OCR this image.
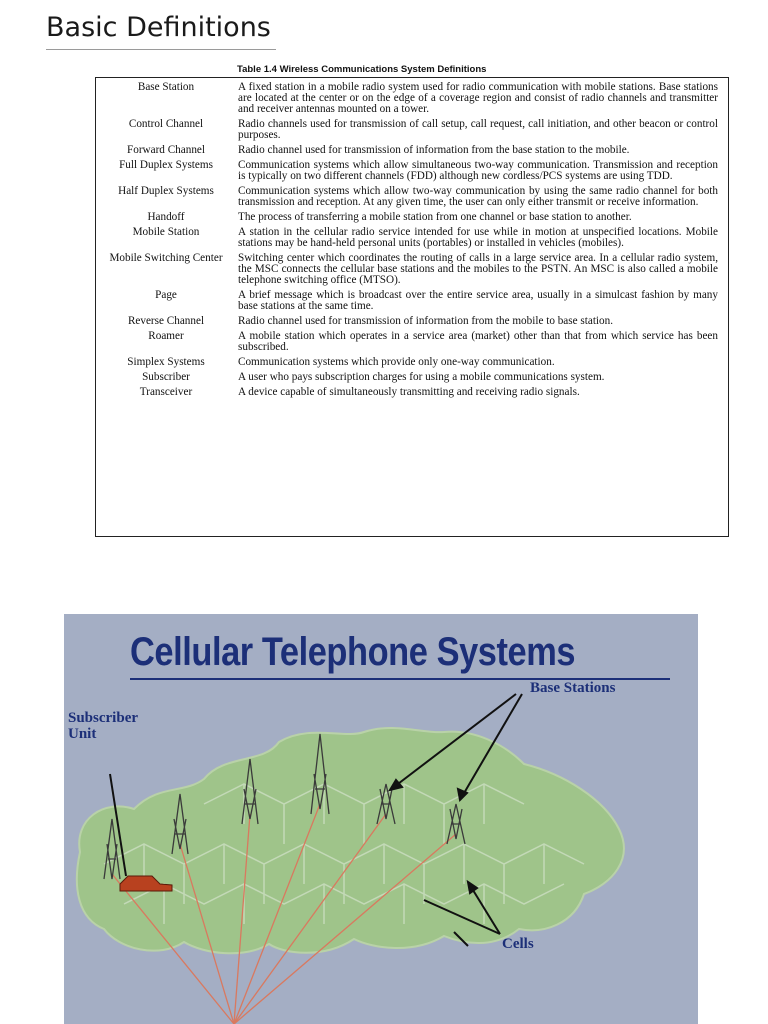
Basic Definitions
Table 1.4 Wireless Communications System Definitions
Base Station	A fixed station in a mobile radio system used for radio communication with mobile stations. Base stations are located at the center or on the edge of a coverage region and consist of radio channels and transmitter and receiver antennas mounted on a tower.
Control Channel	Radio channels used for transmission of call setup, call request, call initiation, and other beacon or control purposes.
Forward Channel	Radio channel used for transmission of information from the base station to the mobile.
Full Duplex Systems	Communication systems which allow simultaneous two-way communication. Transmission and reception is typically on two different channels (FDD) although new cordless/PCS systems are using TDD.
Half Duplex Systems	Communication systems which allow two-way communication by using the same radio channel for both transmission and reception. At any given time, the user can only either transmit or receive information.
Handoff	The process of transferring a mobile station from one channel or base station to another.
Mobile Station	A station in the cellular radio service intended for use while in motion at unspecified locations. Mobile stations may be hand-held personal units (portables) or installed in vehicles (mobiles).
Mobile Switching Center	Switching center which coordinates the routing of calls in a large service area. In a cellular radio system, the MSC connects the cellular base stations and the mobiles to the PSTN. An MSC is also called a mobile telephone switching office (MTSO).
Page	A brief message which is broadcast over the entire service area, usually in a simulcast fashion by many base stations at the same time.
Reverse Channel	Radio channel used for transmission of information from the mobile to base station.
Roamer	A mobile station which operates in a service area (market) other than that from which service has been subscribed.
Simplex Systems	Communication systems which provide only one-way communication.
Subscriber	A user who pays subscription charges for using a mobile communications system.
Transceiver	A device capable of simultaneously transmitting and receiving radio signals.
Cellular Telephone Systems
Base Stations
Subscriber Unit
Cells
